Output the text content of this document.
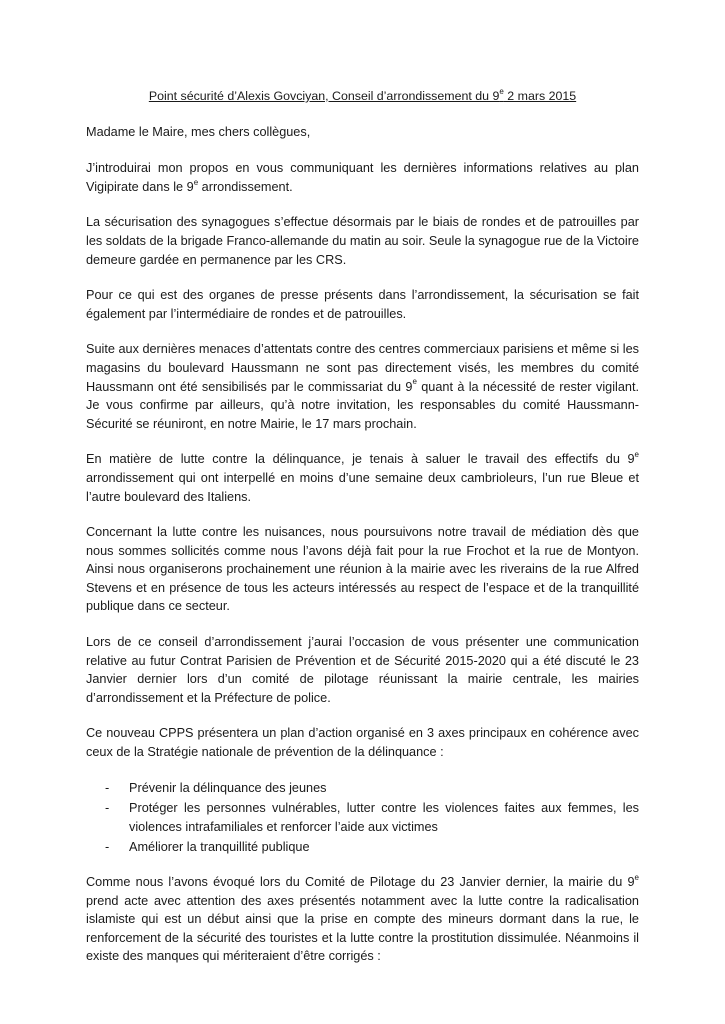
Point sécurité d’Alexis Govciyan, Conseil d’arrondissement du 9e 2 mars 2015

Madame le Maire, mes chers collègues,

J’introduirai mon propos en vous communiquant les dernières informations relatives au plan Vigipirate dans le 9e arrondissement.

La sécurisation des synagogues s’effectue désormais par le biais de rondes et de patrouilles par les soldats de la brigade Franco-allemande du matin au soir. Seule la synagogue rue de la Victoire demeure gardée en permanence par les CRS.

Pour ce qui est des organes de presse présents dans l’arrondissement, la sécurisation se fait également par l’intermédiaire de rondes et de patrouilles.

Suite aux dernières menaces d’attentats contre des centres commerciaux parisiens et même si les magasins du boulevard Haussmann ne sont pas directement visés, les membres du comité Haussmann ont été sensibilisés par le commissariat du 9e quant à la nécessité de rester vigilant. Je vous confirme par ailleurs, qu’à notre invitation, les responsables du comité Haussmann- Sécurité se réuniront, en notre Mairie, le 17 mars prochain.

En matière de lutte contre la délinquance, je tenais à saluer le travail des effectifs du 9e arrondissement qui ont interpellé en moins d’une semaine deux cambrioleurs, l’un rue Bleue et l’autre boulevard des Italiens.

Concernant la lutte contre les nuisances, nous poursuivons notre travail de médiation dès que nous sommes sollicités comme nous l’avons déjà fait pour la rue Frochot et la rue de Montyon. Ainsi nous organiserons prochainement une réunion à la mairie avec les riverains de la rue Alfred Stevens et en présence de tous les acteurs intéressés au respect de l’espace et de la tranquillité publique dans ce secteur.

Lors de ce conseil d’arrondissement j’aurai l’occasion de vous présenter une communication relative au futur Contrat Parisien de Prévention et de Sécurité 2015-2020 qui a été discuté le 23 Janvier dernier lors d’un comité de pilotage réunissant la mairie centrale, les mairies d’arrondissement et la Préfecture de police.

Ce nouveau CPPS présentera un plan d’action organisé en 3 axes principaux en cohérence avec ceux de la Stratégie nationale de prévention de la délinquance :

- Prévenir la délinquance des jeunes
- Protéger les personnes vulnérables, lutter contre les violences faites aux femmes, les violences intrafamiliales et renforcer l’aide aux victimes
- Améliorer la tranquillité publique

Comme nous l’avons évoqué lors du Comité de Pilotage du 23 Janvier dernier, la mairie du 9e prend acte avec attention des axes présentés notamment avec la lutte contre la radicalisation islamiste qui est un début ainsi que la prise en compte des mineurs dormant dans la rue, le renforcement de la sécurité des touristes et la lutte contre la prostitution dissimulée. Néanmoins il existe des manques qui mériteraient d’être corrigés :
